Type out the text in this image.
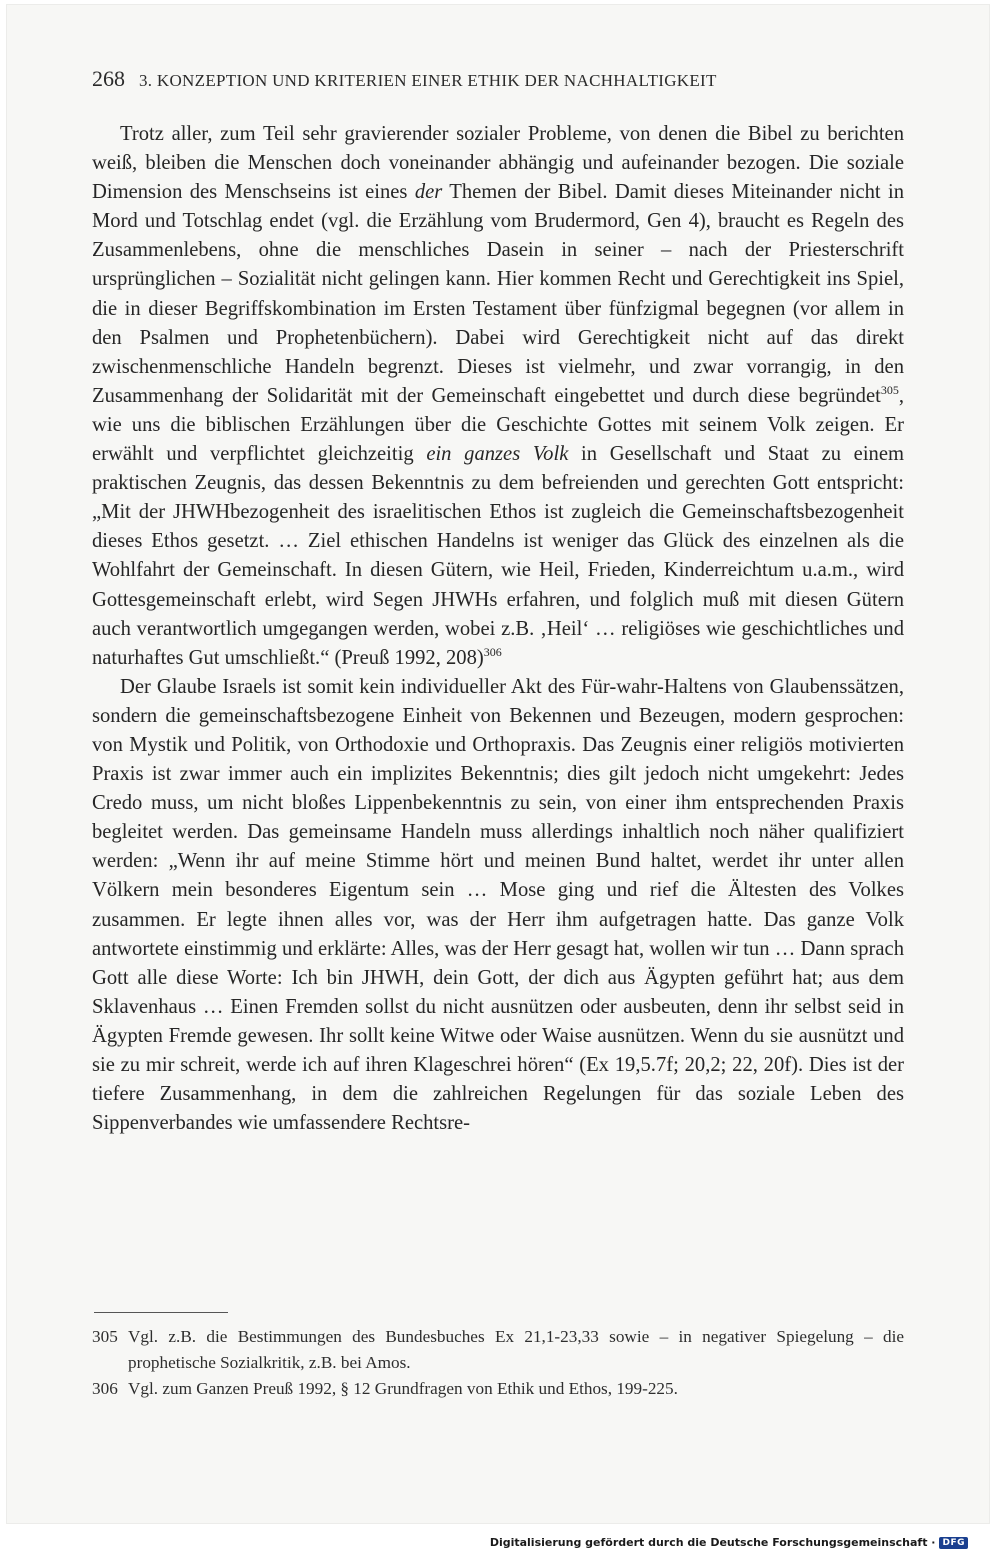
268 3. KONZEPTION UND KRITERIEN EINER ETHIK DER NACHHALTIGKEIT

Trotz aller, zum Teil sehr gravierender sozialer Probleme, von denen die Bibel zu berichten weiß, bleiben die Menschen doch voneinander abhängig und aufeinander bezogen. Die soziale Dimension des Menschseins ist eines der Themen der Bibel. Damit dieses Miteinander nicht in Mord und Totschlag endet (vgl. die Erzählung vom Brudermord, Gen 4), braucht es Regeln des Zusammenlebens, ohne die menschliches Dasein in seiner – nach der Priesterschrift ursprünglichen – Sozialität nicht gelingen kann. Hier kommen Recht und Gerechtigkeit ins Spiel, die in dieser Begriffskombination im Ersten Testament über fünfzigmal begegnen (vor allem in den Psalmen und Prophetenbüchern). Dabei wird Gerechtigkeit nicht auf das direkt zwischenmenschliche Handeln begrenzt. Dieses ist vielmehr, und zwar vorrangig, in den Zusammenhang der Solidarität mit der Gemeinschaft eingebettet und durch diese begründet$^{305}$, wie uns die biblischen Erzählungen über die Geschichte Gottes mit seinem Volk zeigen. Er erwählt und verpflichtet gleichzeitig ein ganzes Volk in Gesellschaft und Staat zu einem praktischen Zeugnis, das dessen Bekenntnis zu dem befreienden und gerechten Gott entspricht: „Mit der JHWHbezogenheit des israelitischen Ethos ist zugleich die Gemeinschaftsbezogenheit dieses Ethos gesetzt. … Ziel ethischen Handelns ist weniger das Glück des einzelnen als die Wohlfahrt der Gemeinschaft. In diesen Gütern, wie Heil, Frieden, Kinderreichtum u.a.m., wird Gottesgemeinschaft erlebt, wird Segen JHWHs erfahren, und folglich muß mit diesen Gütern auch verantwortlich umgegangen werden, wobei z.B. ‚Heil‘ … religiöses wie geschichtliches und naturhaftes Gut umschließt.“ (Preuß 1992, 208)$^{306}$

Der Glaube Israels ist somit kein individueller Akt des Für-wahr-Haltens von Glaubenssätzen, sondern die gemeinschaftsbezogene Einheit von Bekennen und Bezeugen, modern gesprochen: von Mystik und Politik, von Orthodoxie und Orthopraxis. Das Zeugnis einer religiös motivierten Praxis ist zwar immer auch ein implizites Bekenntnis; dies gilt jedoch nicht umgekehrt: Jedes Credo muss, um nicht bloßes Lippenbekenntnis zu sein, von einer ihm entsprechenden Praxis begleitet werden. Das gemeinsame Handeln muss allerdings inhaltlich noch näher qualifiziert werden: „Wenn ihr auf meine Stimme hört und meinen Bund haltet, werdet ihr unter allen Völkern mein besonderes Eigentum sein … Mose ging und rief die Ältesten des Volkes zusammen. Er legte ihnen alles vor, was der Herr ihm aufgetragen hatte. Das ganze Volk antwortete einstimmig und erklärte: Alles, was der Herr gesagt hat, wollen wir tun … Dann sprach Gott alle diese Worte: Ich bin JHWH, dein Gott, der dich aus Ägypten geführt hat; aus dem Sklavenhaus … Einen Fremden sollst du nicht ausnützen oder ausbeuten, denn ihr selbst seid in Ägypten Fremde gewesen. Ihr sollt keine Witwe oder Waise ausnützen. Wenn du sie ausnützt und sie zu mir schreit, werde ich auf ihren Klageschrei hören“ (Ex 19,5.7f; 20,2; 22, 20f). Dies ist der tiefere Zusammenhang, in dem die zahlreichen Regelungen für das soziale Leben des Sippenverbandes wie umfassendere Rechtsre-

305 Vgl. z.B. die Bestimmungen des Bundesbuches Ex 21,1-23,33 sowie – in negativer Spiegelung – die prophetische Sozialkritik, z.B. bei Amos.
306 Vgl. zum Ganzen Preuß 1992, § 12 Grundfragen von Ethik und Ethos, 199-225.
Digitalisierung gefördert durch die Deutsche Forschungsgemeinschaft · DFG
